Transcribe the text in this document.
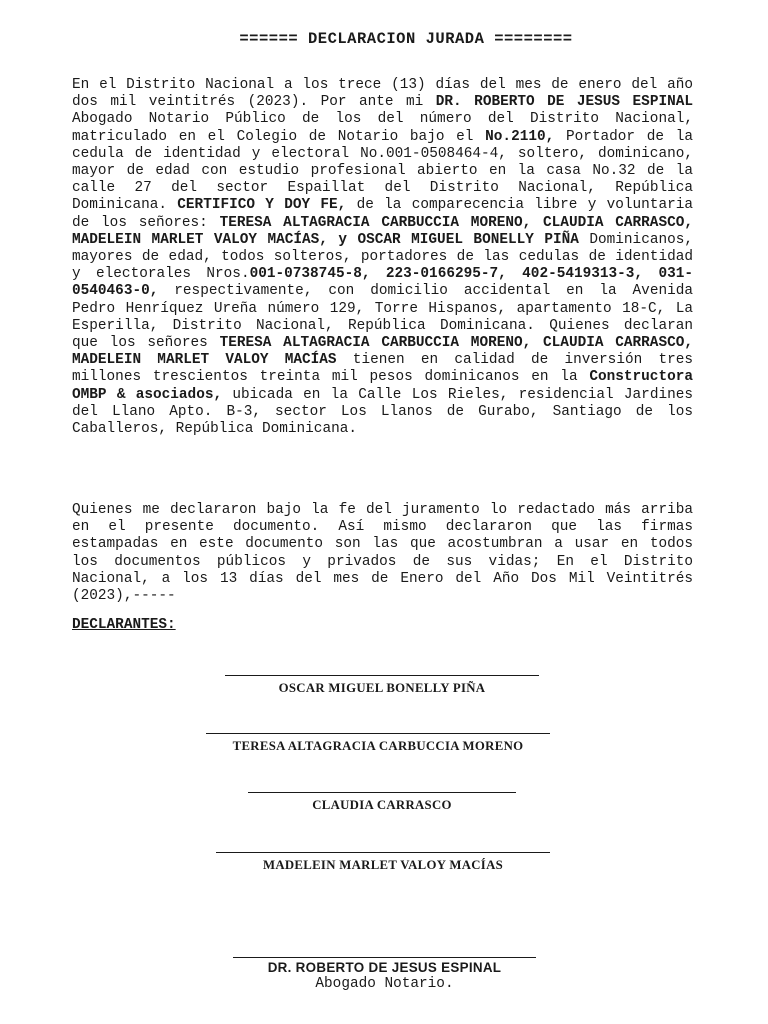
====== DECLARACION JURADA ========

En el Distrito Nacional a los trece (13) días del mes de enero del año dos mil veintitrés (2023). Por ante mi DR. ROBERTO DE JESUS ESPINAL Abogado Notario Público de los del número del Distrito Nacional, matriculado en el Colegio de Notario bajo el No.2110, Portador de la cedula de identidad y electoral No.001-0508464-4, soltero, dominicano, mayor de edad con estudio profesional abierto en la casa No.32 de la calle 27 del sector Espaillat del Distrito Nacional, República Dominicana. CERTIFICO Y DOY FE, de la comparecencia libre y voluntaria de los señores: TERESA ALTAGRACIA CARBUCCIA MORENO, CLAUDIA CARRASCO, MADELEIN MARLET VALOY MACÍAS, y OSCAR MIGUEL BONELLY PIÑA Dominicanos, mayores de edad, todos solteros, portadores de las cedulas de identidad y electorales Nros.001-0738745-8, 223-0166295-7, 402-5419313-3, 031-0540463-0, respectivamente, con domicilio accidental en la Avenida Pedro Henríquez Ureña número 129, Torre Hispanos, apartamento 18-C, La Esperilla, Distrito Nacional, República Dominicana. Quienes declaran que los señores TERESA ALTAGRACIA CARBUCCIA MORENO, CLAUDIA CARRASCO, MADELEIN MARLET VALOY MACÍAS tienen en calidad de inversión tres millones trescientos treinta mil pesos dominicanos en la Constructora OMBP & asociados, ubicada en la Calle Los Rieles, residencial Jardines del Llano Apto. B-3, sector Los Llanos de Gurabo, Santiago de los Caballeros, República Dominicana.

Quienes me declararon bajo la fe del juramento lo redactado más arriba en el presente documento. Así mismo declararon que las firmas estampadas en este documento son las que acostumbran a usar en todos los documentos públicos y privados de sus vidas; En el Distrito Nacional, a los 13 días del mes de Enero del Año Dos Mil Veintitrés (2023),-----

DECLARANTES:
OSCAR MIGUEL BONELLY PIÑA
TERESA ALTAGRACIA CARBUCCIA MORENO
CLAUDIA CARRASCO
MADELEIN MARLET VALOY MACÍAS
DR. ROBERTO DE JESUS ESPINAL
Abogado Notario.
